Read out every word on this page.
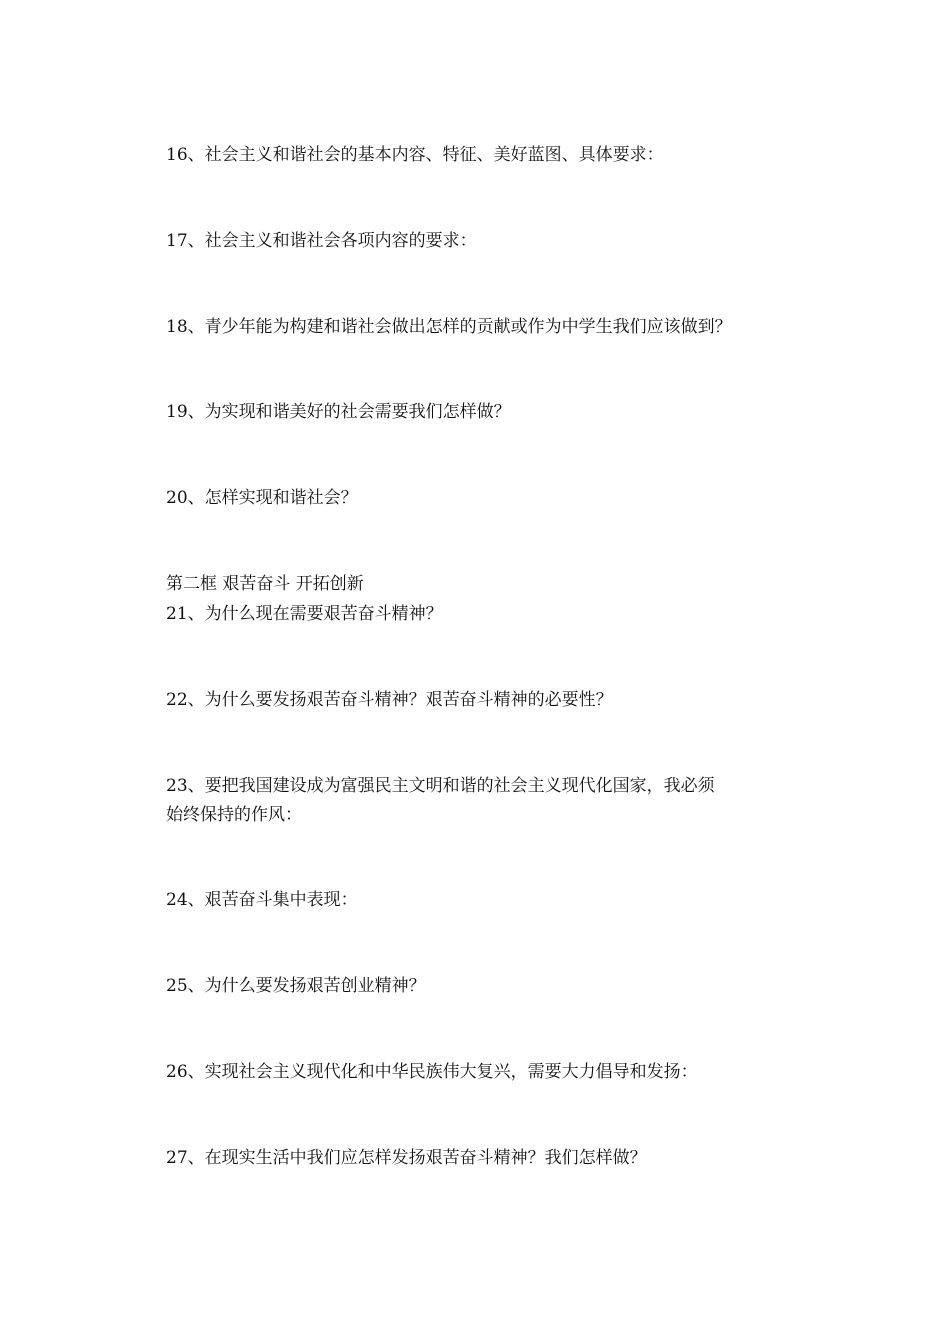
16、社会主义和谐社会的基本内容、特征、美好蓝图、具体要求：
17、社会主义和谐社会各项内容的要求：
18、青少年能为构建和谐社会做出怎样的贡献或作为中学生我们应该做到？
19、为实现和谐美好的社会需要我们怎样做？
20、怎样实现和谐社会？
第二框 艰苦奋斗 开拓创新
21、为什么现在需要艰苦奋斗精神？
22、为什么要发扬艰苦奋斗精神？艰苦奋斗精神的必要性？
23、要把我国建设成为富强民主文明和谐的社会主义现代化国家，我必须
始终保持的作风：
24、艰苦奋斗集中表现：
25、为什么要发扬艰苦创业精神？
26、实现社会主义现代化和中华民族伟大复兴，需要大力倡导和发扬：
27、在现实生活中我们应怎样发扬艰苦奋斗精神？我们怎样做？
